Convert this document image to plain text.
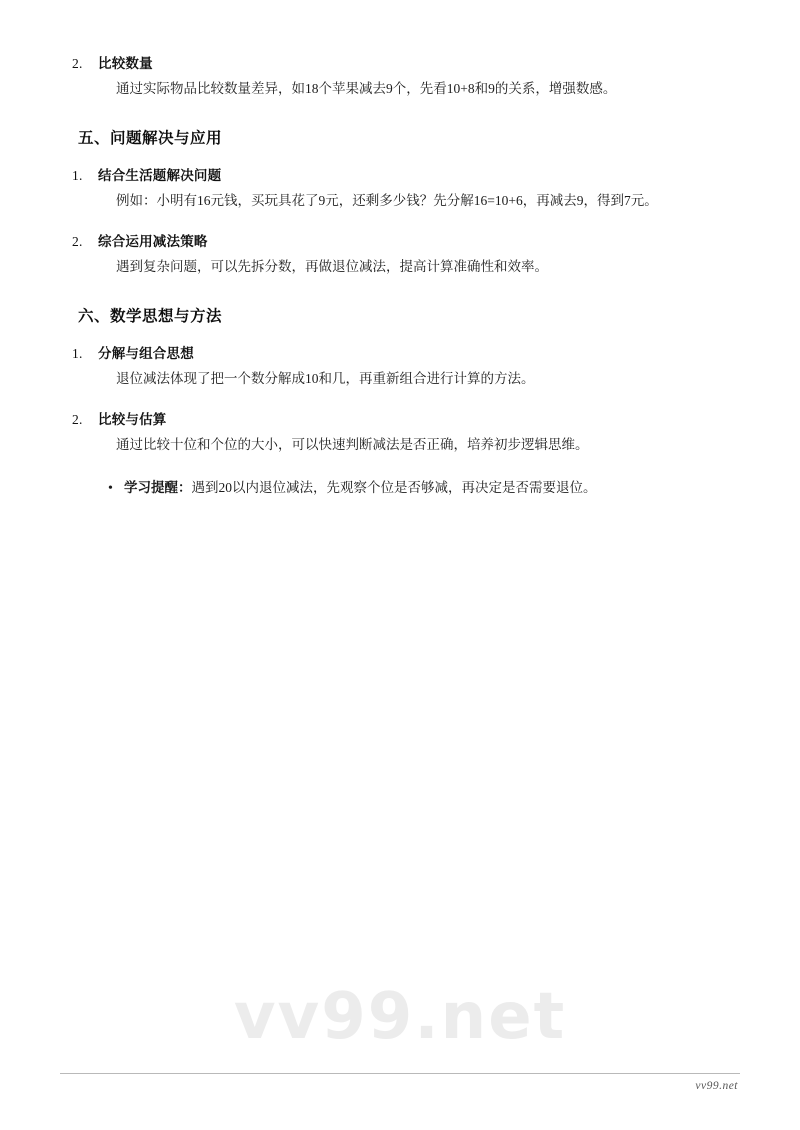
vv99.net
2.	比较数量

通过实际物品比较数量差异，如18个苹果减去9个，先看10+8和9的关系，增强数感。

五、问题解决与应用
1.	结合生活题解决问题

例如：小明有16元钱，买玩具花了9元，还剩多少钱？先分解16=10+6，再减去9，得到7元。

2.	综合运用减法策略

遇到复杂问题，可以先拆分数，再做退位减法，提高计算准确性和效率。

六、数学思想与方法
1.	分解与组合思想

退位减法体现了把一个数分解成10和几，再重新组合进行计算的方法。

2.	比较与估算

通过比较十位和个位的大小，可以快速判断减法是否正确，培养初步逻辑思维。

• 学习提醒：遇到20以内退位减法，先观察个位是否够减，再决定是否需要退位。
vv99.net
